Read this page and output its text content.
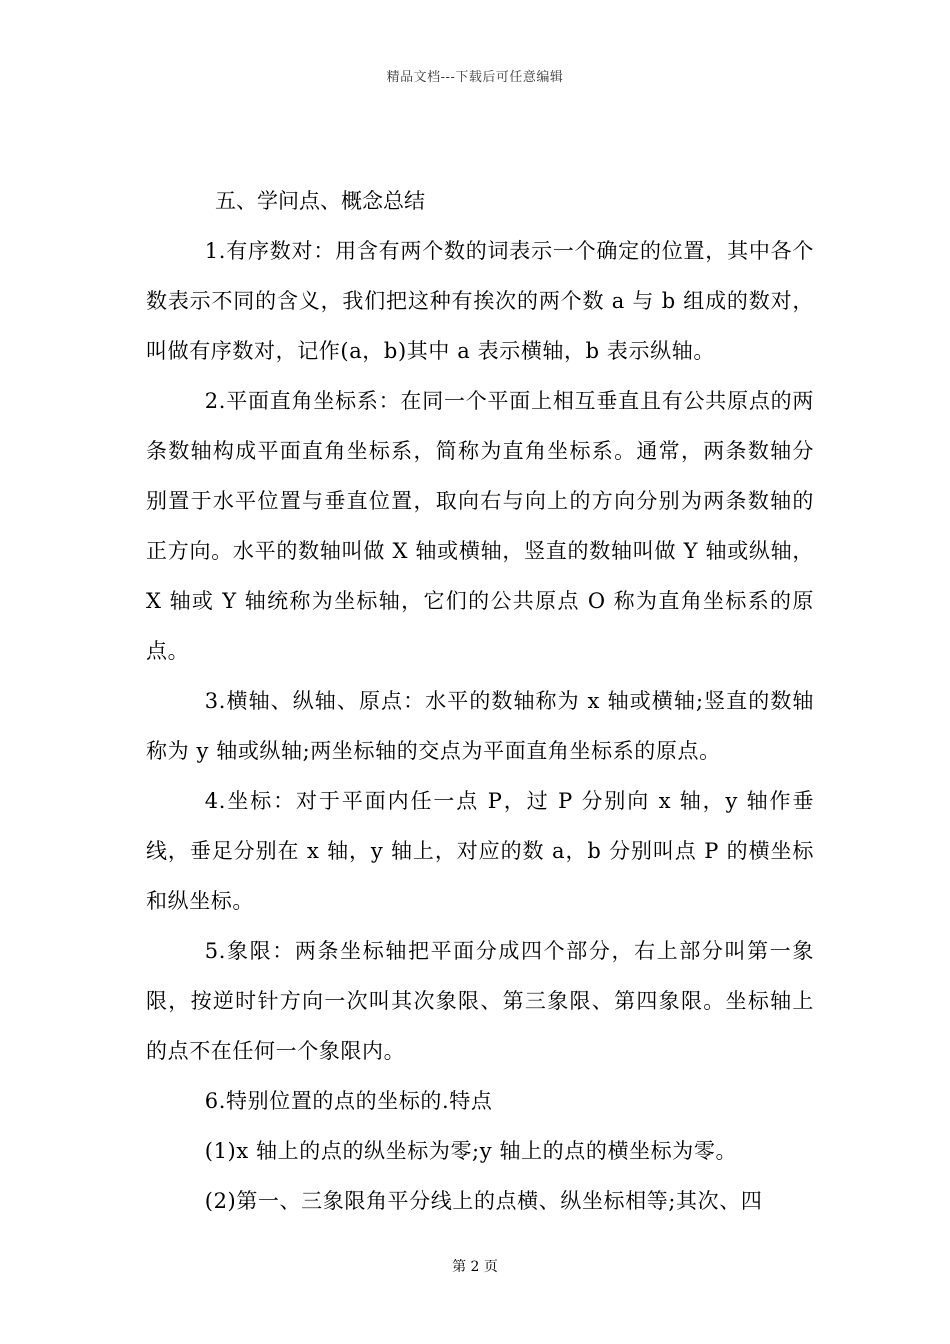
精品文档---下载后可任意编辑

五、学问点、概念总结

1.有序数对：用含有两个数的词表示一个确定的位置，其中各个数表示不同的含义，我们把这种有挨次的两个数 a 与 b 组成的数对，叫做有序数对，记作(a，b)其中 a 表示横轴，b 表示纵轴。

2.平面直角坐标系：在同一个平面上相互垂直且有公共原点的两条数轴构成平面直角坐标系，简称为直角坐标系。通常，两条数轴分别置于水平位置与垂直位置，取向右与向上的方向分别为两条数轴的正方向。水平的数轴叫做 X 轴或横轴，竖直的数轴叫做 Y 轴或纵轴，X 轴或 Y 轴统称为坐标轴，它们的公共原点 O 称为直角坐标系的原点。

3.横轴、纵轴、原点：水平的数轴称为 x 轴或横轴;竖直的数轴称为 y 轴或纵轴;两坐标轴的交点为平面直角坐标系的原点。

4.坐标：对于平面内任一点 P，过 P 分别向 x 轴，y 轴作垂线，垂足分别在 x 轴，y 轴上，对应的数 a，b 分别叫点 P 的横坐标和纵坐标。

5.象限：两条坐标轴把平面分成四个部分，右上部分叫第一象限，按逆时针方向一次叫其次象限、第三象限、第四象限。坐标轴上的点不在任何一个象限内。

6.特别位置的点的坐标的.特点

(1)x 轴上的点的纵坐标为零;y 轴上的点的横坐标为零。

(2)第一、三象限角平分线上的点横、纵坐标相等;其次、四

第 2 页
